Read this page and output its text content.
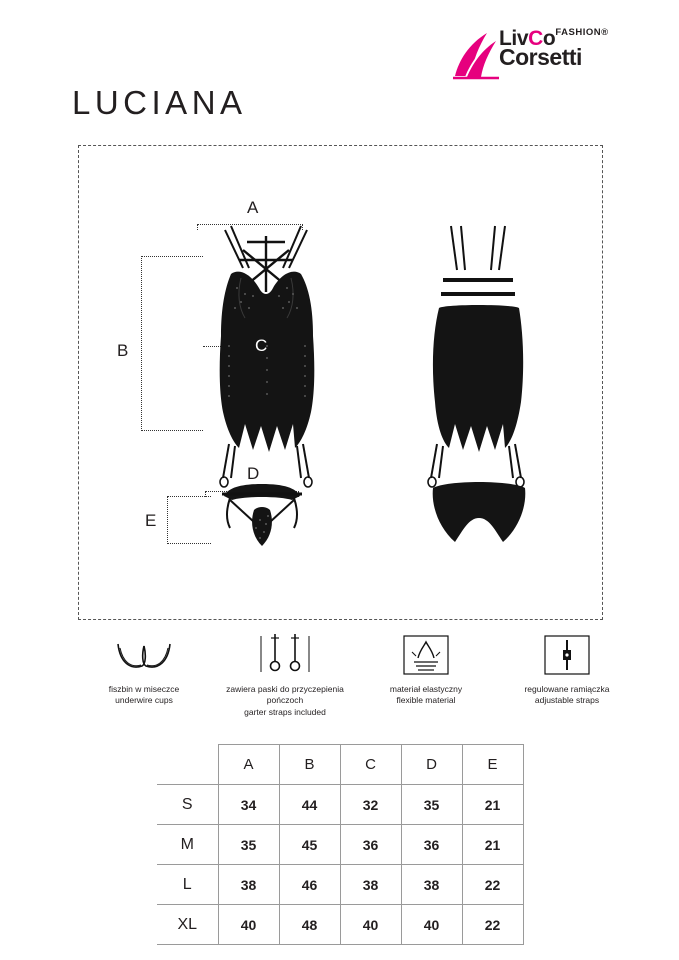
LivCo$^{FASHION®}$
Corsetti
LUCIANA
A
B
D
E
C
fiszbin w miseczce
underwire cups
zawiera paski do przyczepienia pończoch
garter straps included
materiał elastyczny
flexible material
regulowane ramiączka
adjustable straps
	A	B	C	D	E
S	34	44	32	35	21
M	35	45	36	36	21
L	38	46	38	38	22
XL	40	48	40	40	22
